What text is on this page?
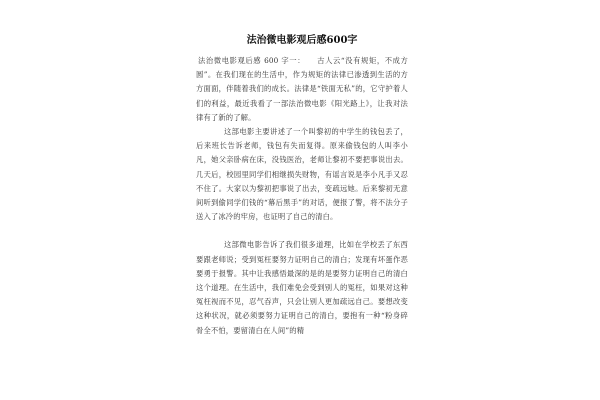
法治微电影观后感600字

法治微电影观后感 600 字一：　　古人云“没有规矩，不成方圆”。在我们现在的生活中，作为规矩的法律已渗透到生活的方方面面，伴随着我们的成长。法律是“铁面无私”的，它守护着人们的利益，最近我看了一部法治微电影《阳光路上》，让我对法律有了新的了解。

这部电影主要讲述了一个叫黎初的中学生的钱包丢了，后来班长告诉老师，钱包有失而复得。原来偷钱包的人叫李小凡，她父亲卧病在床，没钱医治，老师让黎初不要把事说出去。几天后，校园里同学们相继损失财物，有谣言说是李小凡手又忍不住了。大家以为黎初把事说了出去，变疏远她。后来黎初无意间听到偷同学们钱的“幕后黑手”的对话，便报了警，将不法分子送入了冰冷的牢房，也证明了自己的清白。

这部微电影告诉了我们很多道理，比如在学校丢了东西要跟老师说；受到冤枉要努力证明自己的清白；发现有坏蛋作恶要勇于报警。其中让我感悟最深的是的是要努力证明自己的清白这个道理。在生活中，我们难免会受到别人的冤枉，如果对这种冤枉视而不见，忍气吞声，只会让别人更加疏远自己。要想改变这种状况，就必须要努力证明自己的清白，要抱有一种“粉身碎骨全不怕，要留清白在人间”的精
